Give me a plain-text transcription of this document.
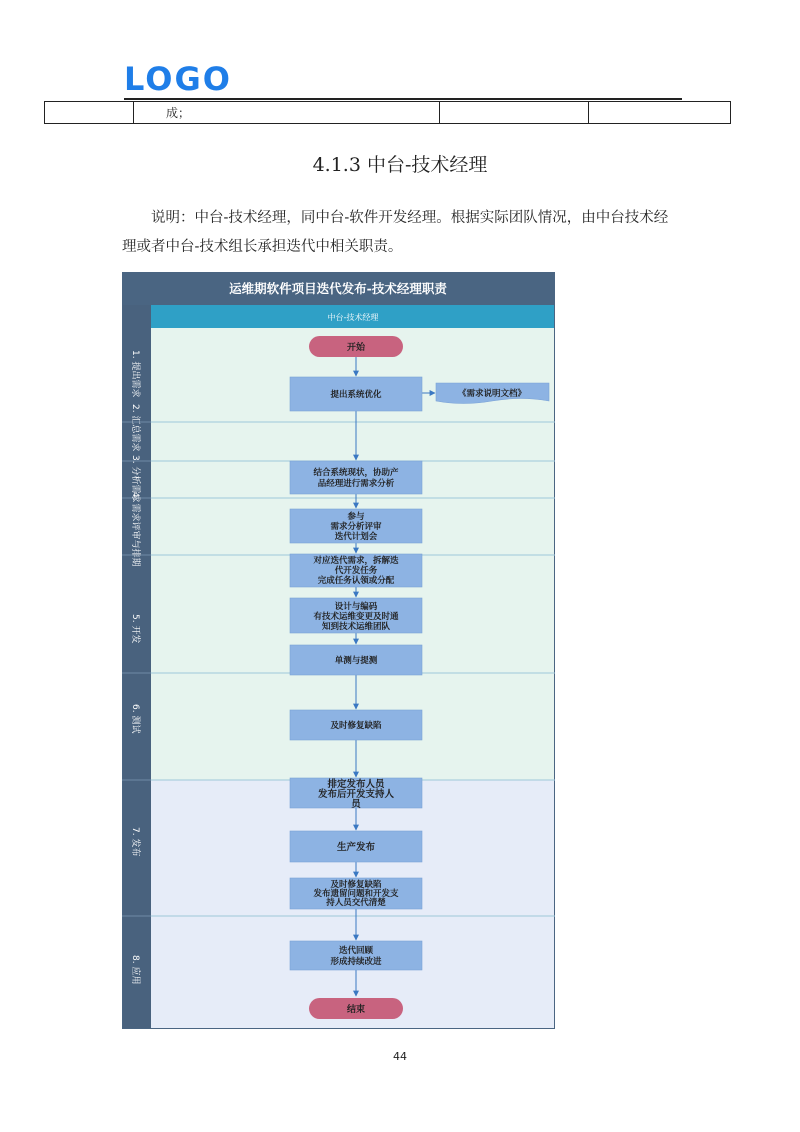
LOGO
	成；		
4.1.3 中台-技术经理
说明：中台-技术经理，同中台-软件开发经理。根据实际团队情况，由中台技术经理或者中台-技术组长承担迭代中相关职责。
运维期软件项目迭代发布-技术经理职责
中台-技术经理
1. 提出需求
2. 汇总需求
3. 分析需求
4. 需求评审与排期
5. 开发
6. 测试
7. 发布
8. 应用
开始
结束
《需求说明文档》
提出系统优化
结合系统现状，协助产
品经理进行需求分析
参与
需求分析评审
迭代计划会
对应迭代需求，拆解迭
代开发任务
完成任务认领或分配
设计与编码
有技术运维变更及时通
知到技术运维团队
单测与提测
及时修复缺陷
排定发布人员
发布后开发支持人
员
生产发布
及时修复缺陷
发布遗留问题和开发支
持人员交代清楚
迭代回顾
形成持续改进
44
